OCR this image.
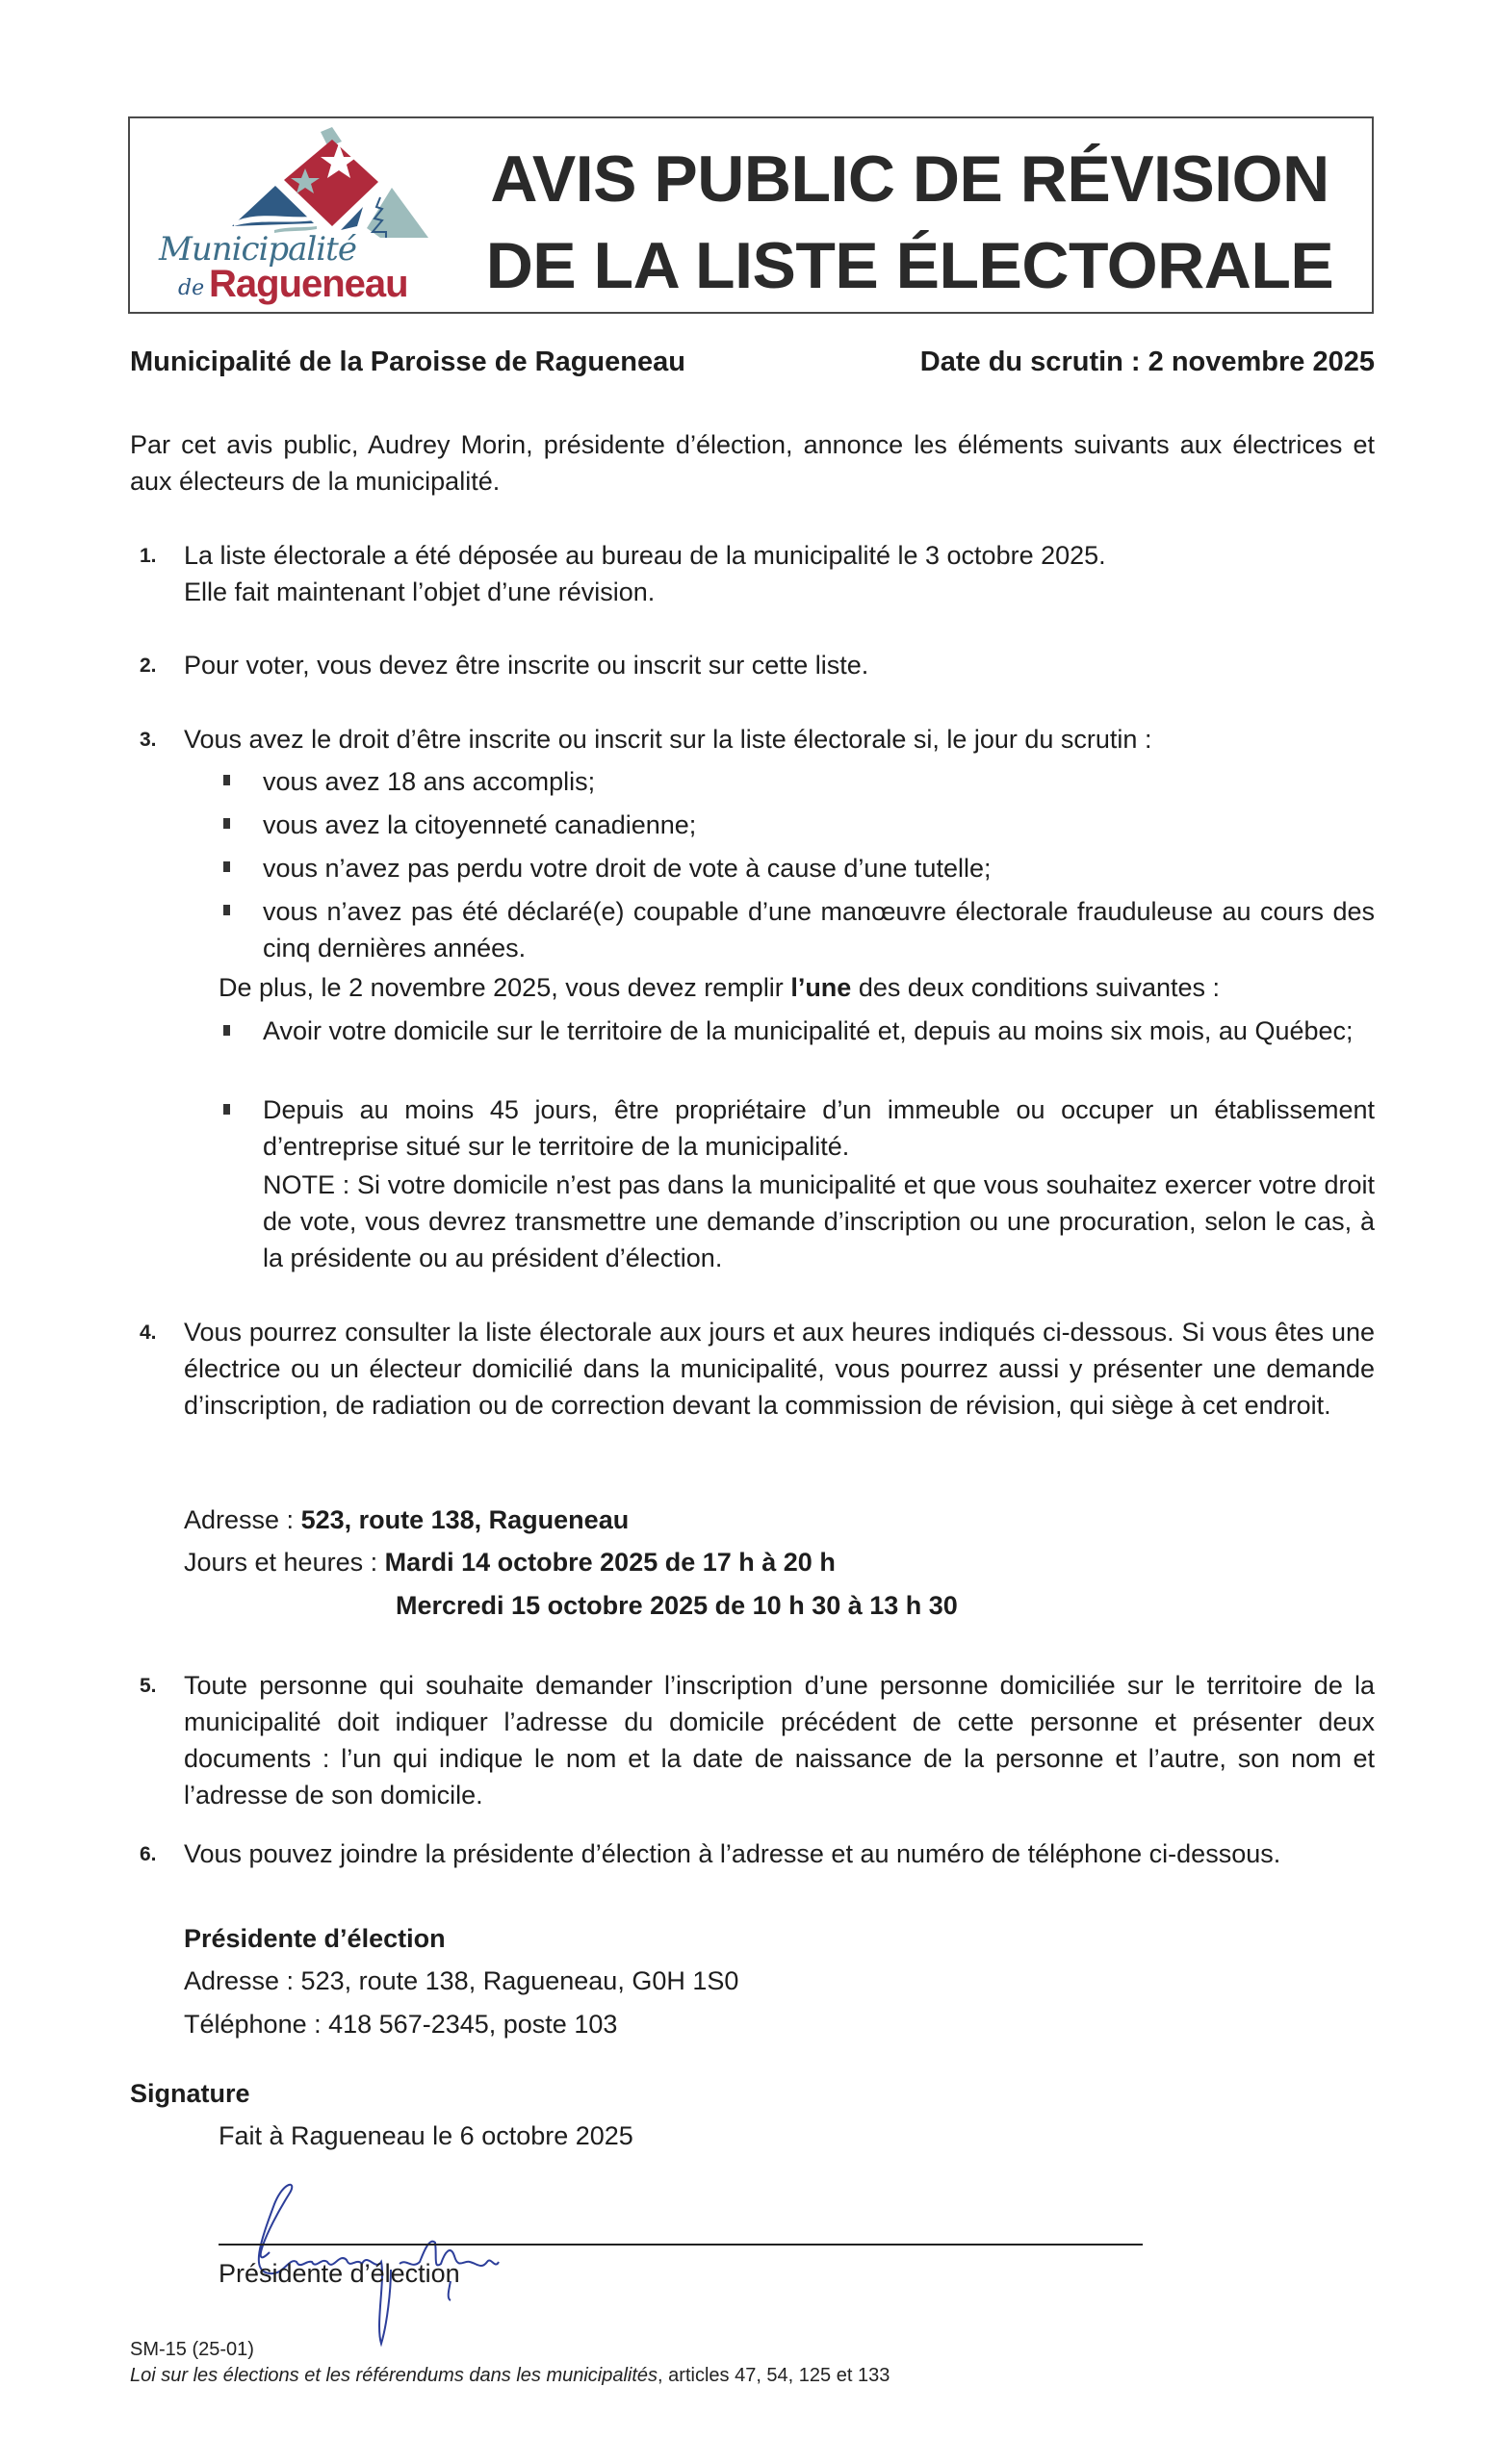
Municipalité
de Ragueneau
AVIS PUBLIC DE RÉVISION
DE LA LISTE ÉLECTORALE
Municipalité de la Paroisse de Ragueneau	Date du scrutin : 2 novembre 2025
Par cet avis public, Audrey Morin, présidente d’élection, annonce les éléments suivants aux électrices et aux électeurs de la municipalité.
1. La liste électorale a été déposée au bureau de la municipalité le 3 octobre 2025.
Elle fait maintenant l’objet d’une révision.
2. Pour voter, vous devez être inscrite ou inscrit sur cette liste.
3. Vous avez le droit d’être inscrite ou inscrit sur la liste électorale si, le jour du scrutin :
vous avez 18 ans accomplis;
vous avez la citoyenneté canadienne;
vous n’avez pas perdu votre droit de vote à cause d’une tutelle;
vous n’avez pas été déclaré(e) coupable d’une manœuvre électorale frauduleuse au cours des cinq dernières années.
De plus, le 2 novembre 2025, vous devez remplir l’une des deux conditions suivantes :
Avoir votre domicile sur le territoire de la municipalité et, depuis au moins six mois, au Québec;
Depuis au moins 45 jours, être propriétaire d’un immeuble ou occuper un établissement d’entreprise situé sur le territoire de la municipalité.
NOTE : Si votre domicile n’est pas dans la municipalité et que vous souhaitez exercer votre droit de vote, vous devrez transmettre une demande d’inscription ou une procuration, selon le cas, à la présidente ou au président d’élection.
4. Vous pourrez consulter la liste électorale aux jours et aux heures indiqués ci-dessous. Si vous êtes une électrice ou un électeur domicilié dans la municipalité, vous pourrez aussi y présenter une demande d’inscription, de radiation ou de correction devant la commission de révision, qui siège à cet endroit.
Adresse : 523, route 138, Ragueneau
Jours et heures : Mardi 14 octobre 2025 de 17 h à 20 h
Mercredi 15 octobre 2025 de 10 h 30 à 13 h 30
5. Toute personne qui souhaite demander l’inscription d’une personne domiciliée sur le territoire de la municipalité doit indiquer l’adresse du domicile précédent de cette personne et présenter deux documents : l’un qui indique le nom et la date de naissance de la personne et l’autre, son nom et l’adresse de son domicile.
6. Vous pouvez joindre la présidente d’élection à l’adresse et au numéro de téléphone ci-dessous.
Présidente d’élection
Adresse : 523, route 138, Ragueneau, G0H 1S0
Téléphone : 418 567-2345, poste 103
Signature
Fait à Ragueneau le 6 octobre 2025
Présidente d’élection
SM-15 (25-01)
Loi sur les élections et les référendums dans les municipalités, articles 47, 54, 125 et 133
